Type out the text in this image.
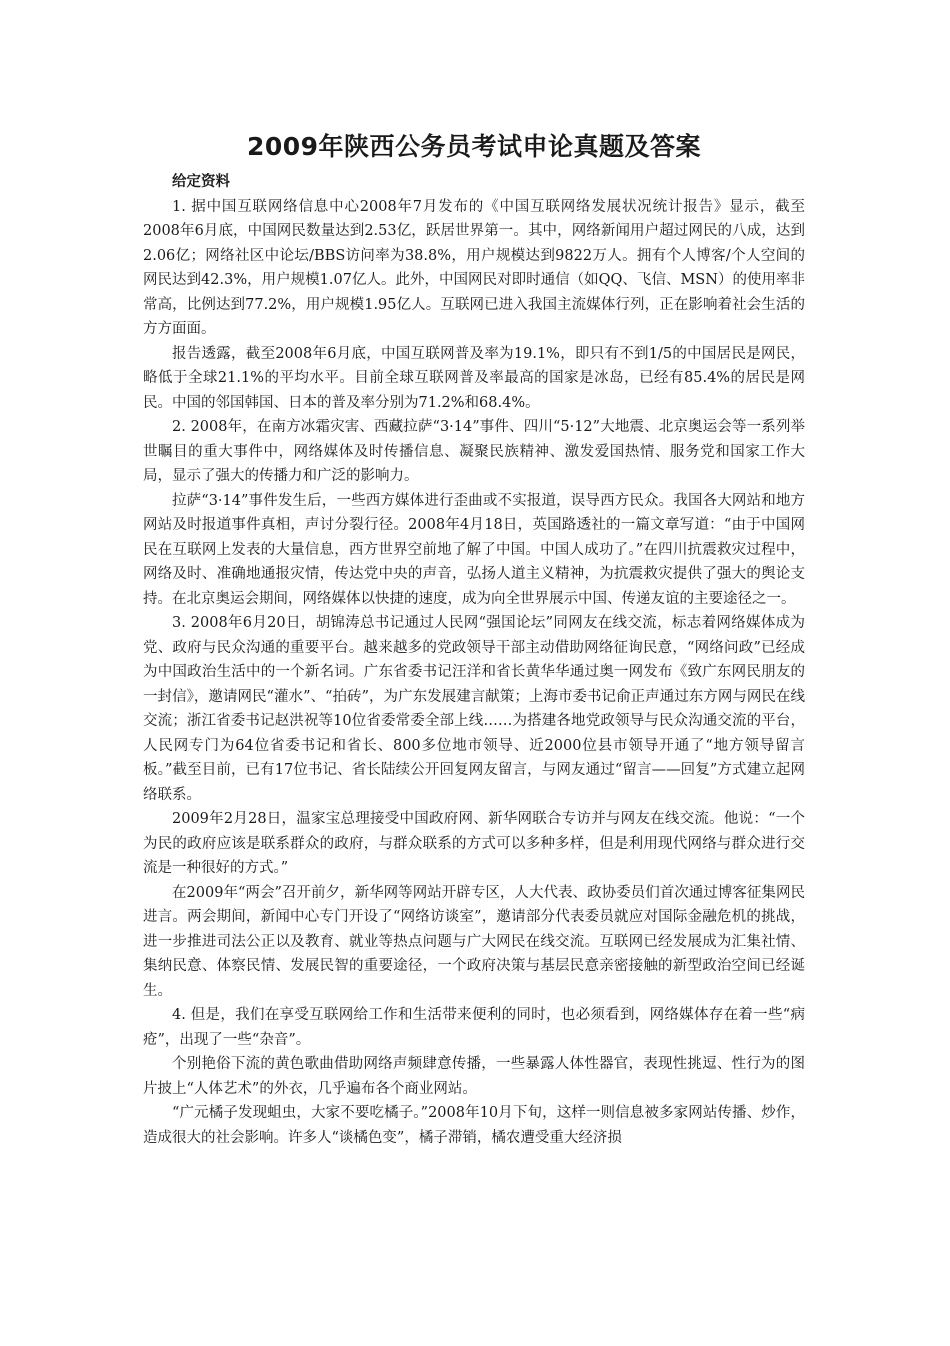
2009年陕西公务员考试申论真题及答案

给定资料

1. 据中国互联网络信息中心2008年7月发布的《中国互联网络发展状况统计报告》显示，截至2008年6月底，中国网民数量达到2.53亿，跃居世界第一。其中，网络新闻用户超过网民的八成，达到2.06亿；网络社区中论坛/BBS访问率为38.8%，用户规模达到9822万人。拥有个人博客/个人空间的网民达到42.3%，用户规模1.07亿人。此外，中国网民对即时通信（如QQ、飞信、MSN）的使用率非常高，比例达到77.2%，用户规模1.95亿人。互联网已进入我国主流媒体行列，正在影响着社会生活的方方面面。

报告透露，截至2008年6月底，中国互联网普及率为19.1%，即只有不到1/5的中国居民是网民，略低于全球21.1%的平均水平。目前全球互联网普及率最高的国家是冰岛，已经有85.4%的居民是网民。中国的邻国韩国、日本的普及率分别为71.2%和68.4%。

2. 2008年，在南方冰霜灾害、西藏拉萨“3·14”事件、四川“5·12”大地震、北京奥运会等一系列举世瞩目的重大事件中，网络媒体及时传播信息、凝聚民族精神、激发爱国热情、服务党和国家工作大局，显示了强大的传播力和广泛的影响力。

拉萨“3·14”事件发生后，一些西方媒体进行歪曲或不实报道，误导西方民众。我国各大网站和地方网站及时报道事件真相，声讨分裂行径。2008年4月18日，英国路透社的一篇文章写道：“由于中国网民在互联网上发表的大量信息，西方世界空前地了解了中国。中国人成功了。”在四川抗震救灾过程中，网络及时、准确地通报灾情，传达党中央的声音，弘扬人道主义精神，为抗震救灾提供了强大的舆论支持。在北京奥运会期间，网络媒体以快捷的速度，成为向全世界展示中国、传递友谊的主要途径之一。

3. 2008年6月20日，胡锦涛总书记通过人民网“强国论坛”同网友在线交流，标志着网络媒体成为党、政府与民众沟通的重要平台。越来越多的党政领导干部主动借助网络征询民意，“网络问政”已经成为中国政治生活中的一个新名词。广东省委书记汪洋和省长黄华华通过奥一网发布《致广东网民朋友的一封信》，邀请网民“灌水”、“拍砖”，为广东发展建言献策；上海市委书记俞正声通过东方网与网民在线交流；浙江省委书记赵洪祝等10位省委常委全部上线……为搭建各地党政领导与民众沟通交流的平台，人民网专门为64位省委书记和省长、800多位地市领导、近2000位县市领导开通了“地方领导留言板。”截至目前，已有17位书记、省长陆续公开回复网友留言，与网友通过“留言——回复”方式建立起网络联系。

2009年2月28日，温家宝总理接受中国政府网、新华网联合专访并与网友在线交流。他说：“一个为民的政府应该是联系群众的政府，与群众联系的方式可以多种多样，但是利用现代网络与群众进行交流是一种很好的方式。”

在2009年“两会”召开前夕，新华网等网站开辟专区，人大代表、政协委员们首次通过博客征集网民进言。两会期间，新闻中心专门开设了“网络访谈室”，邀请部分代表委员就应对国际金融危机的挑战，进一步推进司法公正以及教育、就业等热点问题与广大网民在线交流。互联网已经发展成为汇集社情、集纳民意、体察民情、发展民智的重要途径，一个政府决策与基层民意亲密接触的新型政治空间已经诞生。

4. 但是，我们在享受互联网给工作和生活带来便利的同时，也必须看到，网络媒体存在着一些“病疮”，出现了一些“杂音”。

个别艳俗下流的黄色歌曲借助网络声频肆意传播，一些暴露人体性器官，表现性挑逗、性行为的图片披上“人体艺术”的外衣，几乎遍布各个商业网站。

“广元橘子发现蛆虫，大家不要吃橘子。”2008年10月下旬，这样一则信息被多家网站传播、炒作，造成很大的社会影响。许多人“谈橘色变”，橘子滞销，橘农遭受重大经济损
